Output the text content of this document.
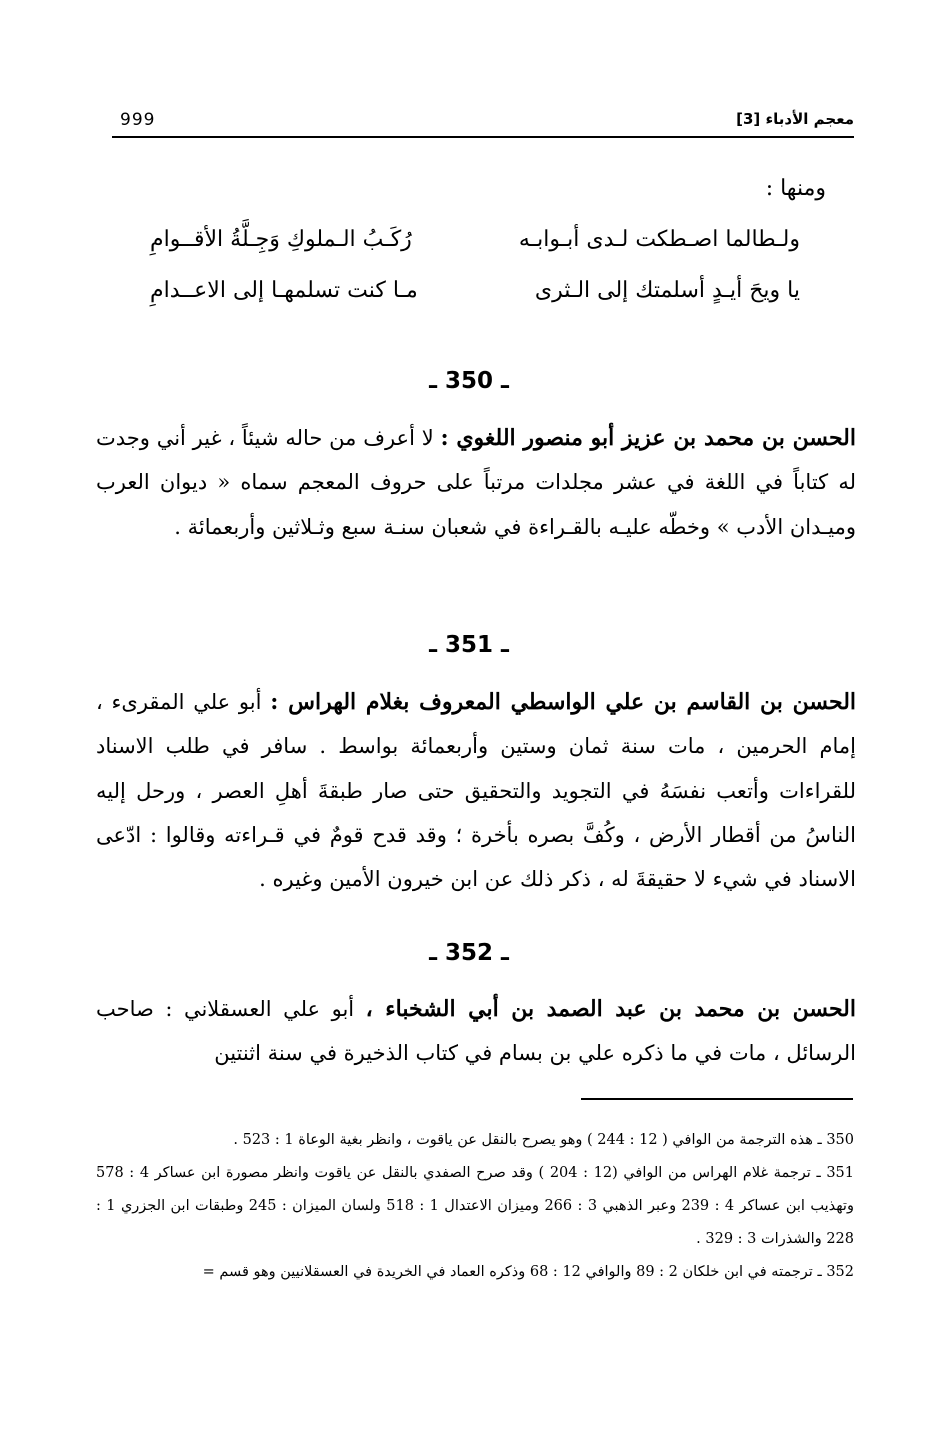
999	معجم الأدباء [3]
ومنها :
ولـطالما اصـطكت لـدى أبـوابـه
رُكَـبُ الـملوكِ وَجِـلَّةُ الأقــوامِ
يا ويحَ أيـدٍ أسلمتك إلى الـثرى
مـا كنت تسلمهـا إلى الاعــدامِ
ـ 350 ـ

الحسن بن محمد بن عزيز أبو منصور اللغوي : لا أعرف من حاله شيئاً ، غير أني وجدت له كتاباً في اللغة في عشر مجلدات مرتباً على حروف المعجم سماه « ديوان العرب وميـدان الأدب » وخطّه عليـه بالقـراءة في شعبان سنـة سبع وثـلاثين وأربعمائة .

ـ 351 ـ

الحسن بن القاسم بن علي الواسطي المعروف بغلام الهراس : أبو علي المقرىء ، إمام الحرمين ، مات سنة ثمان وستين وأربعمائة بواسط . سافر في طلب الاسناد للقراءات وأتعب نفسَهُ في التجويد والتحقيق حتى صار طبقةَ أهلِ العصر ، ورحل إليه الناسُ من أقطار الأرض ، وكُفَّ بصره بأخرة ؛ وقد قدح قومٌ في قـراءته وقالوا : ادّعى الاسناد في شيء لا حقيقةَ له ، ذكر ذلك عن ابن خيرون الأمين وغيره .

ـ 352 ـ

الحسن بن محمد بن عبد الصمد بن أبي الشخباء ، أبو علي العسقلاني : صاحب الرسائل ، مات في ما ذكره علي بن بسام في كتاب الذخيرة في سنة اثنتين

350 ـ هذه الترجمة من الوافي ( 12 : 244 ) وهو يصرح بالنقل عن ياقوت ، وانظر بغية الوعاة 1 : 523 .

351 ـ ترجمة غلام الهراس من الوافي (12 : 204 ) وقد صرح الصفدي بالنقل عن ياقوت وانظر مصورة ابن عساكر 4 : 578 وتهذيب ابن عساكر 4 : 239 وعبر الذهبي 3 : 266 وميزان الاعتدال 1 : 518 ولسان الميزان : 245 وطبقات ابن الجزري 1 : 228 والشذرات 3 : 329 .

352 ـ ترجمته في ابن خلكان 2 : 89 والوافي 12 : 68 وذكره العماد في الخريدة في العسقلانيين وهو قسم =
